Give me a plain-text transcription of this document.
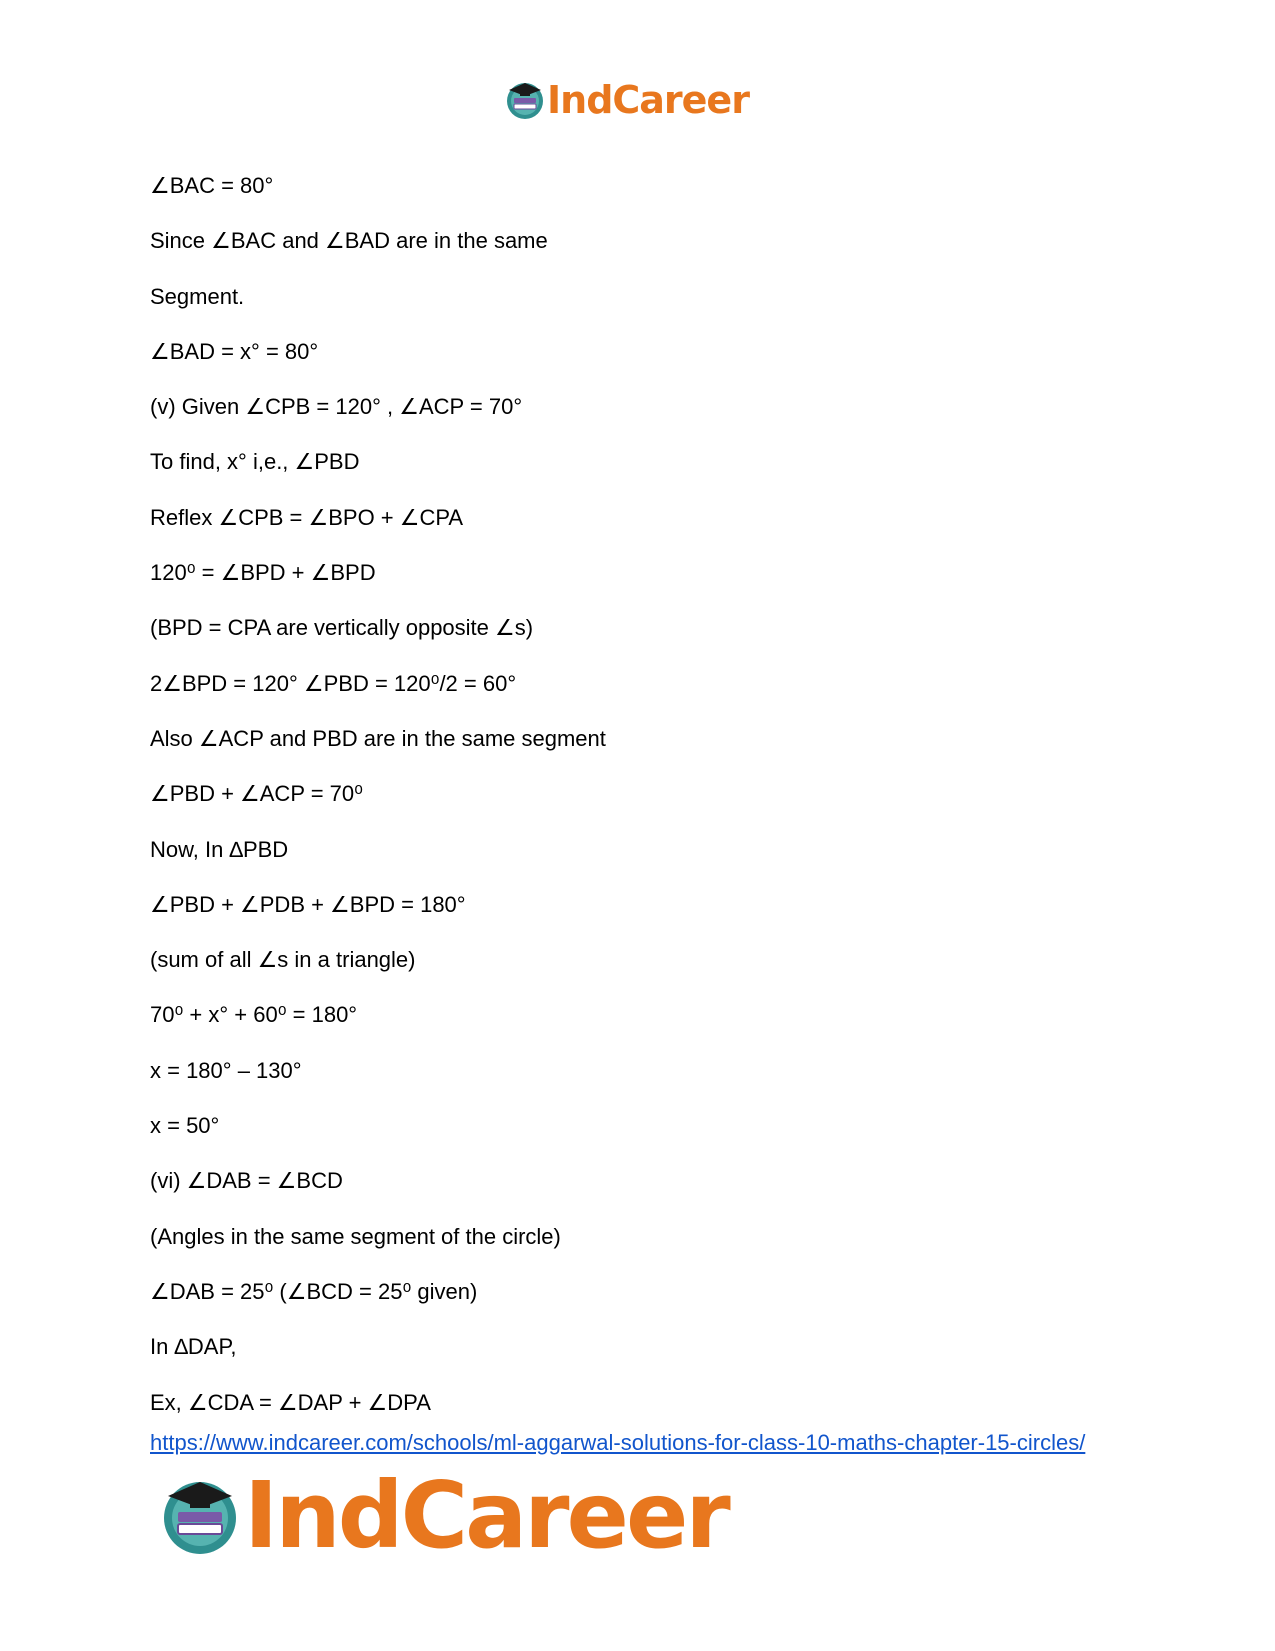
IndCareer
∠BAC = 80°
Since ∠BAC and ∠BAD are in the same
Segment.
∠BAD = x° = 80°
(v) Given ∠CPB = 120° , ∠ACP = 70°
To find, x° i,e., ∠PBD
Reflex ∠CPB = ∠BPO + ∠CPA
120⁰ = ∠BPD + ∠BPD
(BPD = CPA are vertically opposite ∠s)
2∠BPD = 120° ∠PBD = 120⁰/2 = 60°
Also ∠ACP and PBD are in the same segment
∠PBD + ∠ACP = 70⁰
Now, In ∆PBD
∠PBD + ∠PDB + ∠BPD = 180°
(sum of all ∠s in a triangle)
70⁰ + x° + 60⁰ = 180°
x = 180° – 130°
x = 50°
(vi) ∠DAB = ∠BCD
(Angles in the same segment of the circle)
∠DAB = 25⁰ (∠BCD = 25⁰ given)
In ∆DAP,
Ex, ∠CDA = ∠DAP + ∠DPA
https://www.indcareer.com/schools/ml-aggarwal-solutions-for-class-10-maths-chapter-15-circles/
IndCareer
